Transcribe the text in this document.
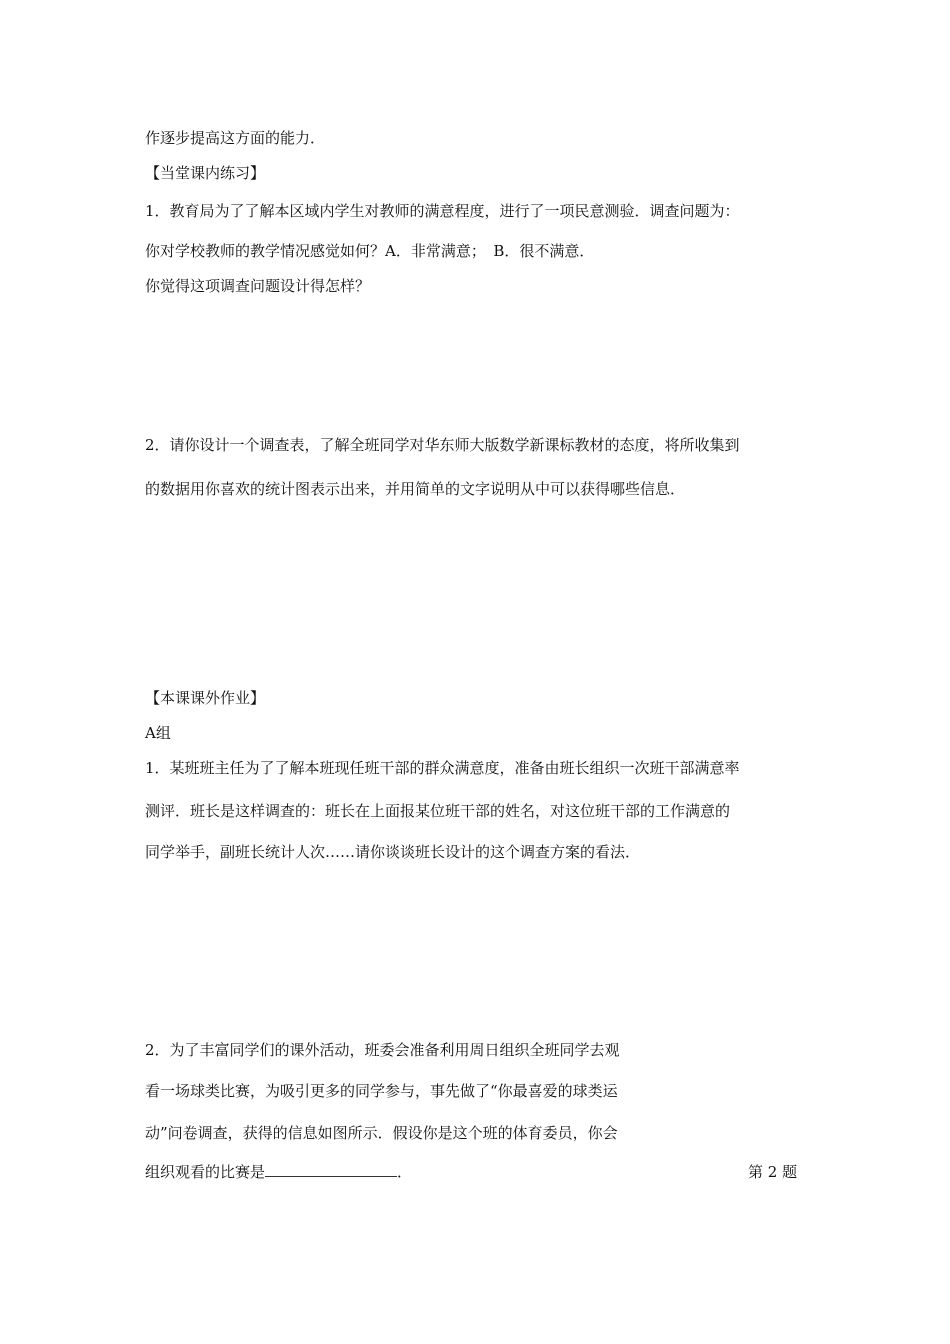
作逐步提高这方面的能力．
【当堂课内练习】
1．教育局为了了解本区域内学生对教师的满意程度，进行了一项民意测验．调查问题为：
你对学校教师的教学情况感觉如何？A．非常满意；　B．很不满意．
你觉得这项调查问题设计得怎样？
2．请你设计一个调查表，了解全班同学对华东师大版数学新课标教材的态度，将所收集到
的数据用你喜欢的统计图表示出来，并用简单的文字说明从中可以获得哪些信息．
【本课课外作业】
A组
1．某班班主任为了了解本班现任班干部的群众满意度，准备由班长组织一次班干部满意率
测评．班长是这样调查的：班长在上面报某位班干部的姓名，对这位班干部的工作满意的
同学举手，副班长统计人次……请你谈谈班长设计的这个调查方案的看法．
2．为了丰富同学们的课外活动，班委会准备利用周日组织全班同学去观
看一场球类比赛，为吸引更多的同学参与，事先做了“你最喜爱的球类运
动”问卷调查，获得的信息如图所示．假设你是这个班的体育委员，你会
组织观看的比赛是	．	第 2 题
